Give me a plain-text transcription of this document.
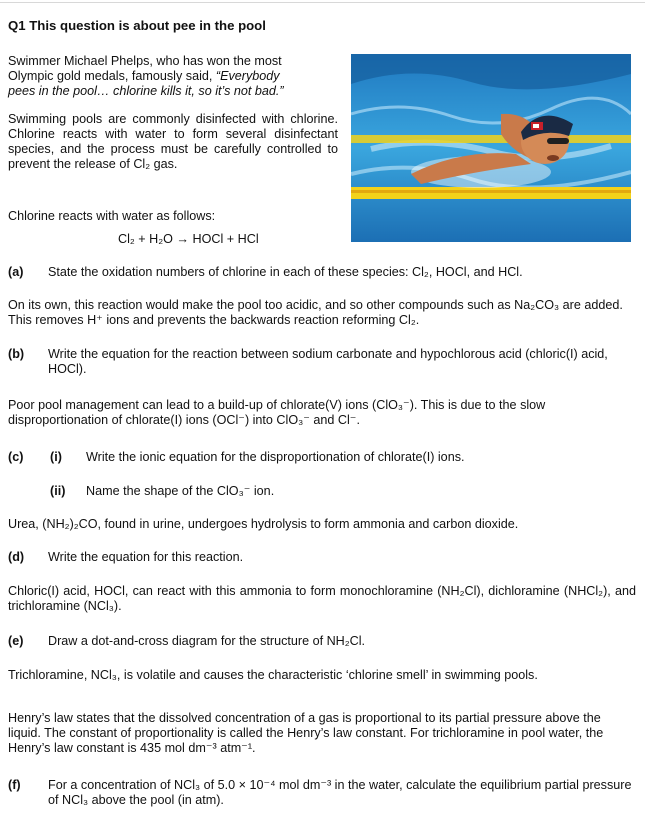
Q1 This question is about pee in the pool
Swimmer Michael Phelps, who has won the most
Olympic gold medals, famously said, “Everybody
pees in the pool… chlorine kills it, so it’s not bad.”
Swimming pools are commonly disinfected with chlorine. Chlorine reacts with water to form several disinfectant species, and the process must be carefully controlled to prevent the release of Cl₂ gas.
Chlorine reacts with water as follows:
Cl₂ + H₂O → HOCl + HCl
(a) State the oxidation numbers of chlorine in each of these species: Cl₂, HOCl, and HCl.
On its own, this reaction would make the pool too acidic, and so other compounds such as Na₂CO₃ are added. This removes H⁺ ions and prevents the backwards reaction reforming Cl₂.
(b) Write the equation for the reaction between sodium carbonate and hypochlorous acid (chloric(I) acid, HOCl).
Poor pool management can lead to a build-up of chlorate(V) ions (ClO₃⁻). This is due to the slow disproportionation of chlorate(I) ions (OCl⁻) into ClO₃⁻ and Cl⁻.
(c) (i) Write the ionic equation for the disproportionation of chlorate(I) ions.
(ii) Name the shape of the ClO₃⁻ ion.
Urea, (NH₂)₂CO, found in urine, undergoes hydrolysis to form ammonia and carbon dioxide.
(d) Write the equation for this reaction.
Chloric(I) acid, HOCl, can react with this ammonia to form monochloramine (NH₂Cl), dichloramine (NHCl₂), and trichloramine (NCl₃).
(e) Draw a dot-and-cross diagram for the structure of NH₂Cl.
Trichloramine, NCl₃, is volatile and causes the characteristic ‘chlorine smell’ in swimming pools.
Henry’s law states that the dissolved concentration of a gas is proportional to its partial pressure above the liquid. The constant of proportionality is called the Henry’s law constant. For trichloramine in pool water, the Henry’s law constant is 435 mol dm⁻³ atm⁻¹.
(f) For a concentration of NCl₃ of 5.0 × 10⁻⁴ mol dm⁻³ in the water, calculate the equilibrium partial pressure of NCl₃ above the pool (in atm).
